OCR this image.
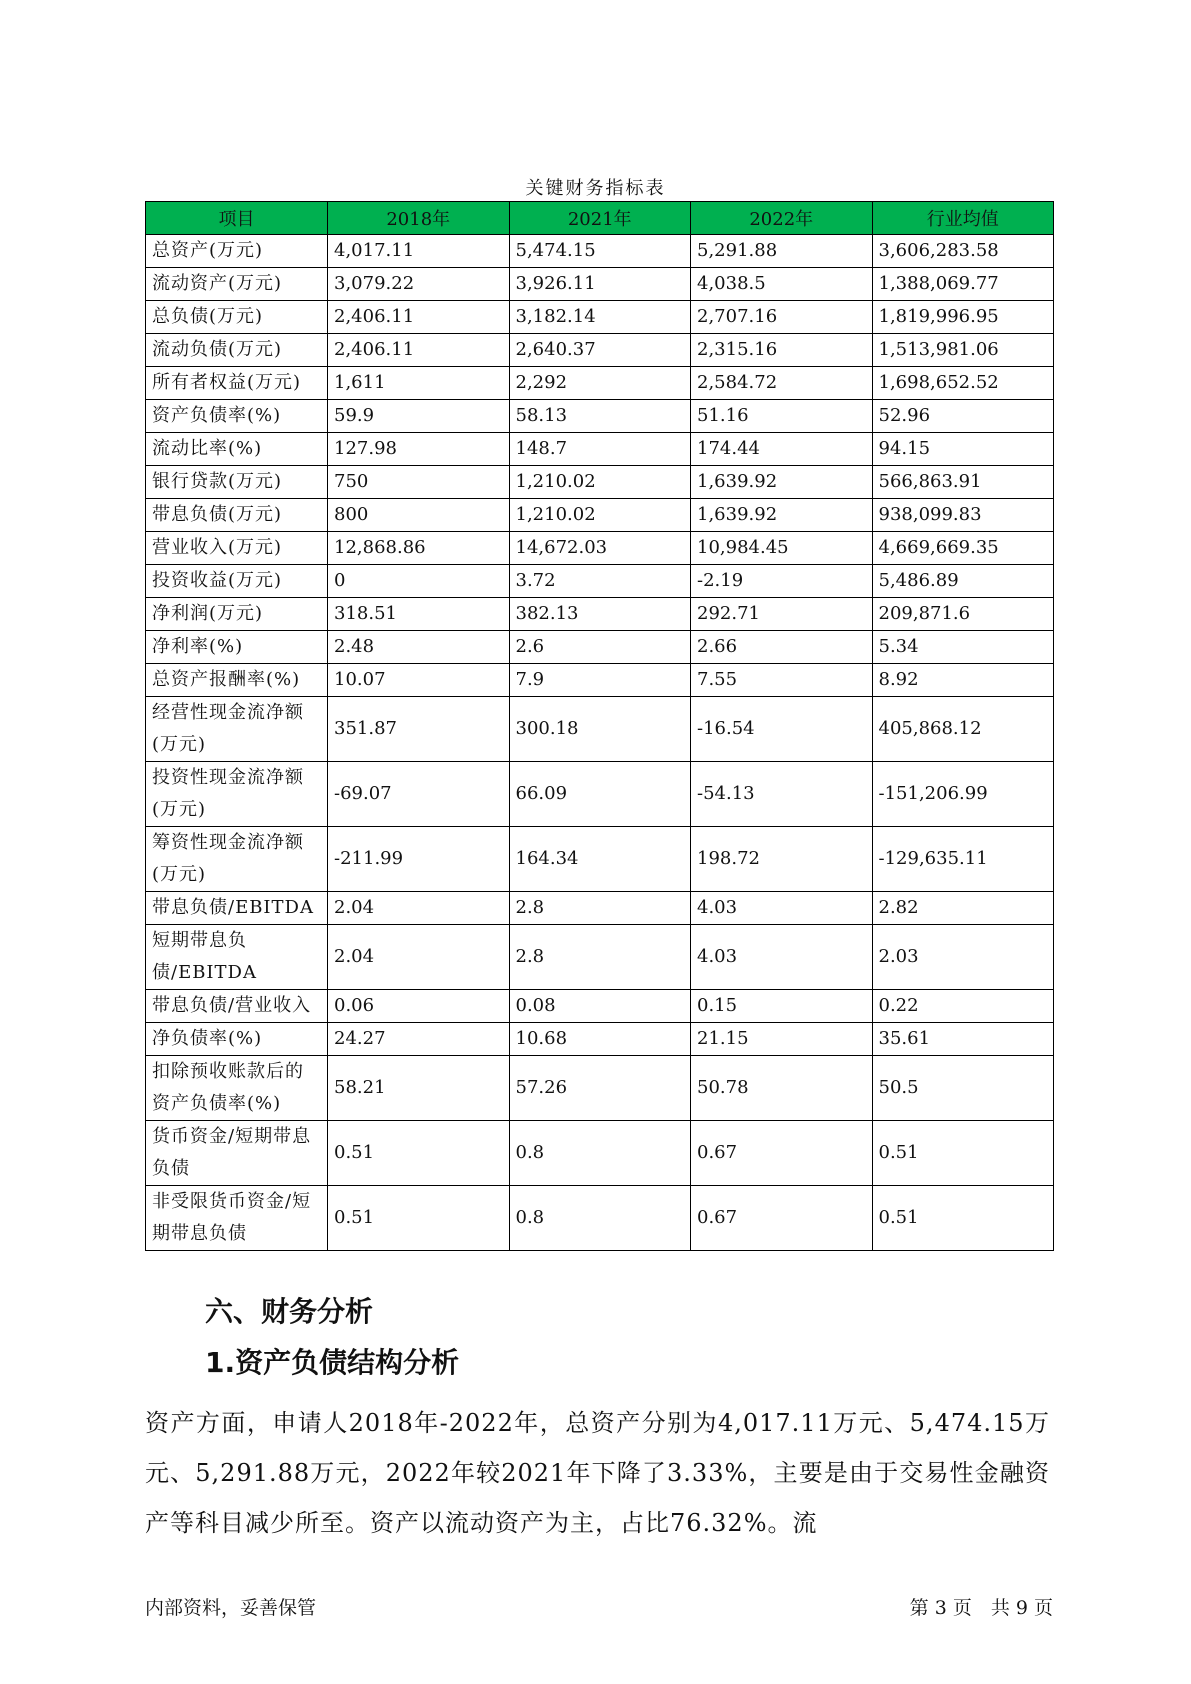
关键财务指标表
项目	2018年	2021年	2022年	行业均值
总资产(万元)	4,017.11	5,474.15	5,291.88	3,606,283.58
流动资产(万元)	3,079.22	3,926.11	4,038.5	1,388,069.77
总负债(万元)	2,406.11	3,182.14	2,707.16	1,819,996.95
流动负债(万元)	2,406.11	2,640.37	2,315.16	1,513,981.06
所有者权益(万元)	1,611	2,292	2,584.72	1,698,652.52
资产负债率(%)	59.9	58.13	51.16	52.96
流动比率(%)	127.98	148.7	174.44	94.15
银行贷款(万元)	750	1,210.02	1,639.92	566,863.91
带息负债(万元)	800	1,210.02	1,639.92	938,099.83
营业收入(万元)	12,868.86	14,672.03	10,984.45	4,669,669.35
投资收益(万元)	0	3.72	-2.19	5,486.89
净利润(万元)	318.51	382.13	292.71	209,871.6
净利率(%)	2.48	2.6	2.66	5.34
总资产报酬率(%)	10.07	7.9	7.55	8.92
经营性现金流净额(万元)	351.87	300.18	-16.54	405,868.12
投资性现金流净额(万元)	-69.07	66.09	-54.13	-151,206.99
筹资性现金流净额(万元)	-211.99	164.34	198.72	-129,635.11
带息负债/EBITDA	2.04	2.8	4.03	2.82
短期带息负债/EBITDA	2.04	2.8	4.03	2.03
带息负债/营业收入	0.06	0.08	0.15	0.22
净负债率(%)	24.27	10.68	21.15	35.61
扣除预收账款后的资产负债率(%)	58.21	57.26	50.78	50.5
货币资金/短期带息负债	0.51	0.8	0.67	0.51
非受限货币资金/短期带息负债	0.51	0.8	0.67	0.51
六、财务分析
1.资产负债结构分析
资产方面，申请人2018年-2022年，总资产分别为4,017.11万元、5,474.15万元、5,291.88万元，2022年较2021年下降了3.33%，主要是由于交易性金融资产等科目减少所至。资产以流动资产为主，占比76.32%。流
内部资料，妥善保管	第 3 页　共 9 页
